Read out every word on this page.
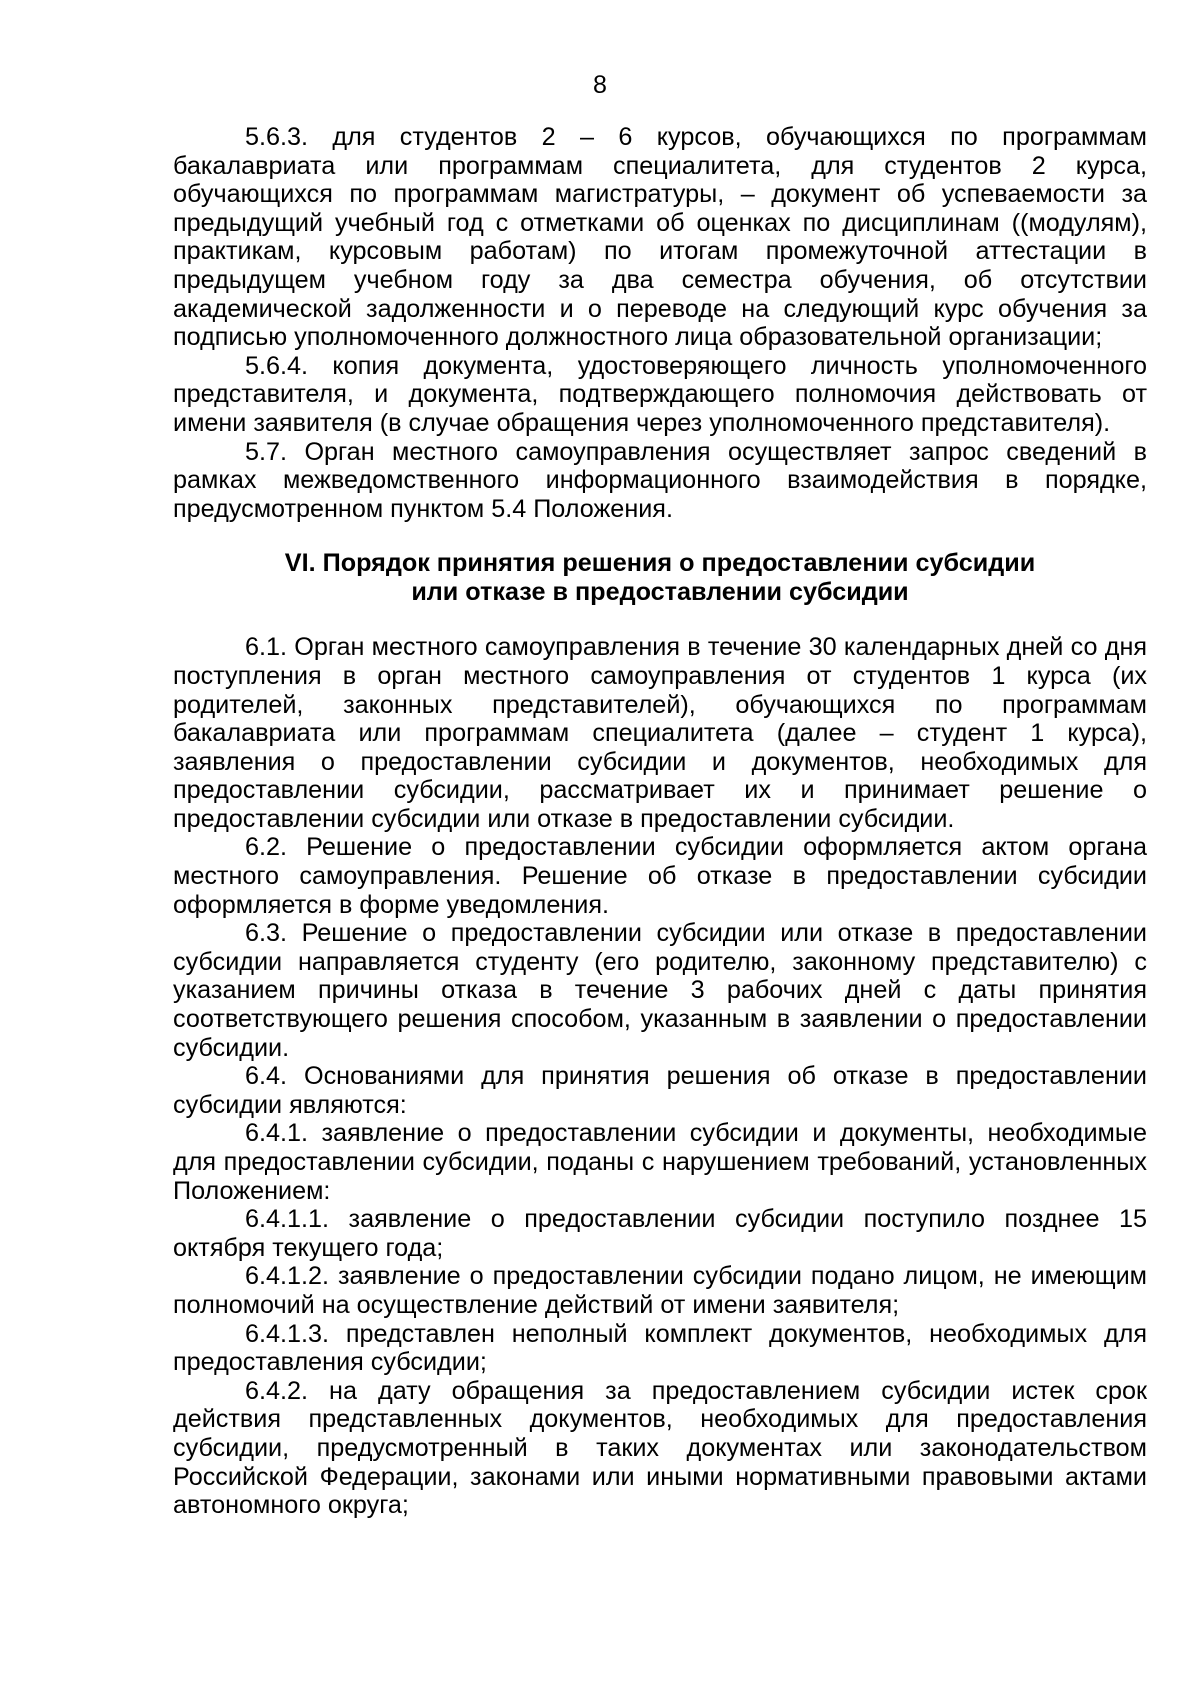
8

5.6.3. для студентов 2 – 6 курсов, обучающихся по программам бакалавриата или программам специалитета, для студентов 2 курса, обучающихся по программам магистратуры, – документ об успеваемости за предыдущий учебный год с отметками об оценках по дисциплинам ((модулям), практикам, курсовым работам) по итогам промежуточной аттестации в предыдущем учебном году за два семестра обучения, об отсутствии академической задолженности и о переводе на следующий курс обучения за подписью уполномоченного должностного лица образовательной организации;

5.6.4. копия документа, удостоверяющего личность уполномоченного представителя, и документа, подтверждающего полномочия действовать от имени заявителя (в случае обращения через уполномоченного представителя).

5.7. Орган местного самоуправления осуществляет запрос сведений в рамках межведомственного информационного взаимодействия в порядке, предусмотренном пунктом 5.4 Положения.

VI. Порядок принятия решения о предоставлении субсидии
или отказе в предоставлении субсидии

6.1. Орган местного самоуправления в течение 30 календарных дней со дня поступления в орган местного самоуправления от студентов 1 курса (их родителей, законных представителей), обучающихся по программам бакалавриата или программам специалитета (далее – студент 1 курса), заявления о предоставлении субсидии и документов, необходимых для предоставлении субсидии, рассматривает их и принимает решение о предоставлении субсидии или отказе в предоставлении субсидии.

6.2. Решение о предоставлении субсидии оформляется актом органа местного самоуправления. Решение об отказе в предоставлении субсидии оформляется в форме уведомления.

6.3. Решение о предоставлении субсидии или отказе в предоставлении субсидии направляется студенту (его родителю, законному представителю) с указанием причины отказа в течение 3 рабочих дней с даты принятия соответствующего решения способом, указанным в заявлении о предоставлении субсидии.

6.4. Основаниями для принятия решения об отказе в предоставлении субсидии являются:

6.4.1. заявление о предоставлении субсидии и документы, необходимые для предоставлении субсидии, поданы с нарушением требований, установленных Положением:

6.4.1.1. заявление о предоставлении субсидии поступило позднее 15 октября текущего года;

6.4.1.2. заявление о предоставлении субсидии подано лицом, не имеющим полномочий на осуществление действий от имени заявителя;

6.4.1.3. представлен неполный комплект документов, необходимых для предоставления субсидии;

6.4.2. на дату обращения за предоставлением субсидии истек срок действия представленных документов, необходимых для предоставления субсидии, предусмотренный в таких документах или законодательством Российской Федерации, законами или иными нормативными правовыми актами автономного округа;
